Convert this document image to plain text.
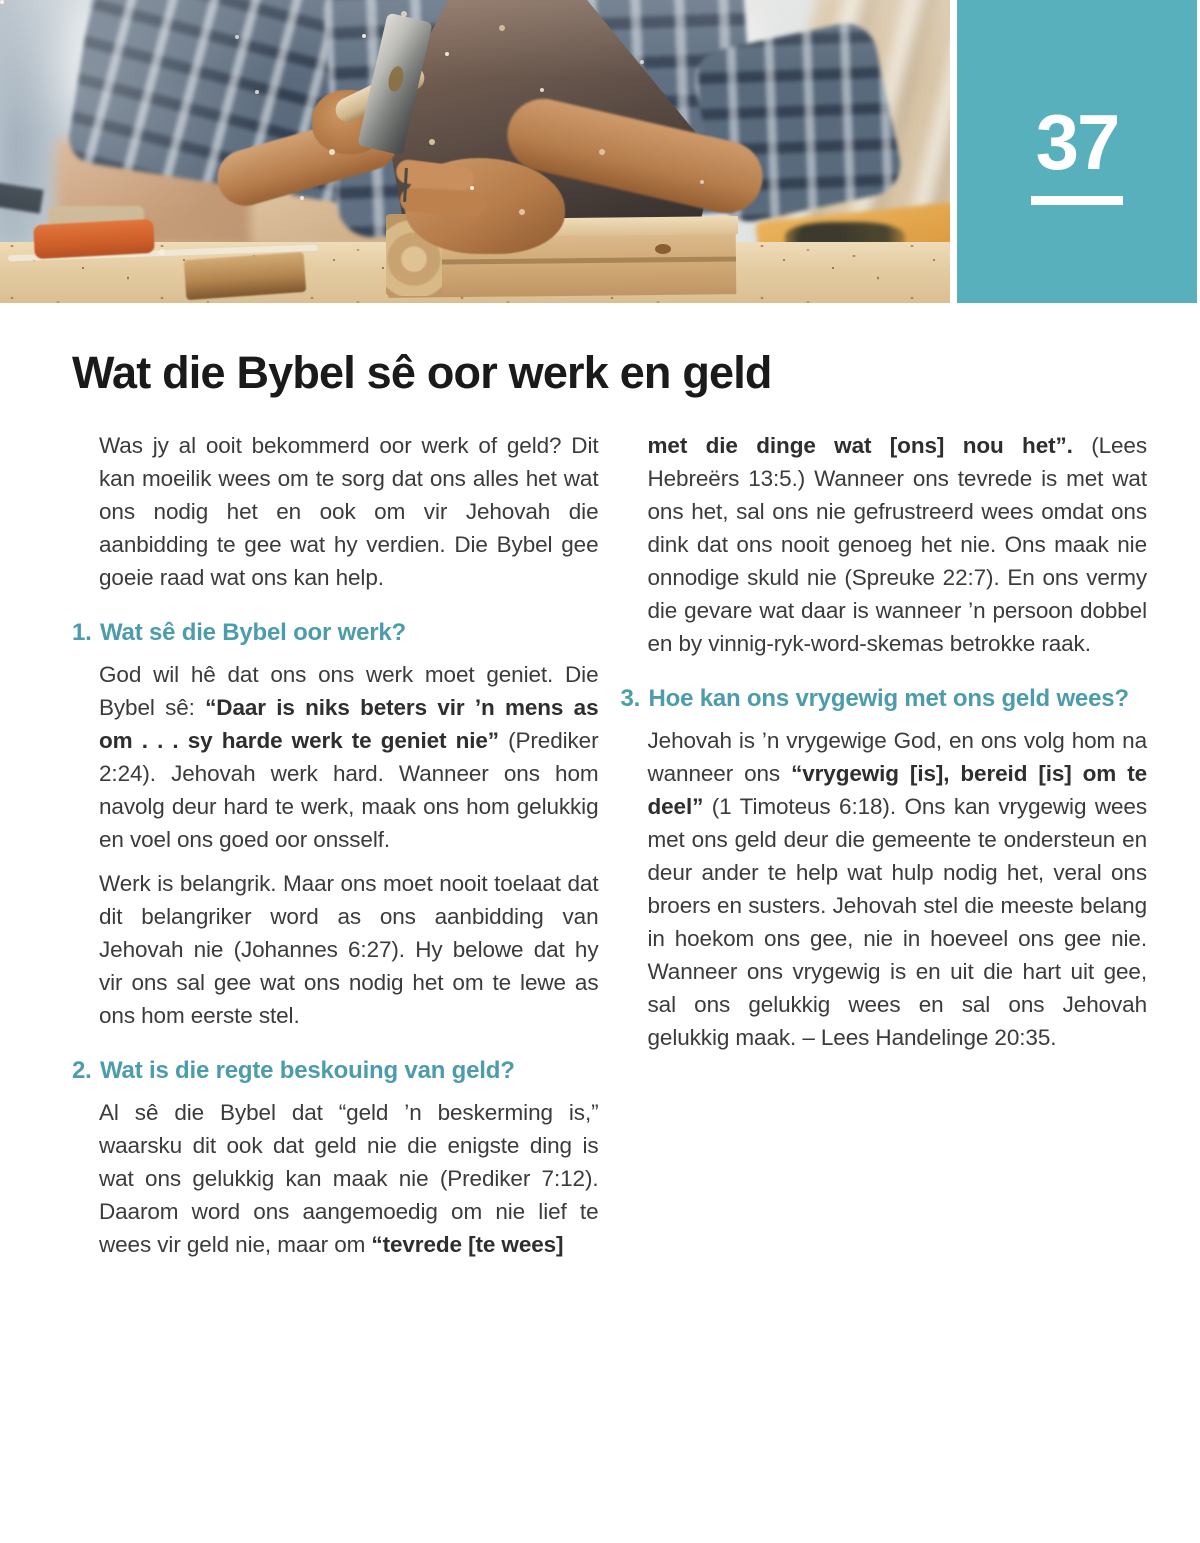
37
Wat die Bybel sê oor werk en geld

Was jy al ooit bekommerd oor werk of geld? Dit kan moeilik wees om te sorg dat ons alles het wat ons nodig het en ook om vir Jehovah die aanbidding te gee wat hy verdien. Die Bybel gee goeie raad wat ons kan help.

1. Wat sê die Bybel oor werk?

God wil hê dat ons ons werk moet geniet. Die Bybel sê: “Daar is niks beters vir ’n mens as om . . . sy harde werk te geniet nie” (Prediker 2:24). Jehovah werk hard. Wanneer ons hom navolg deur hard te werk, maak ons hom gelukkig en voel ons goed oor onsself.

Werk is belangrik. Maar ons moet nooit toelaat dat dit belangriker word as ons aanbidding van Jehovah nie (Johannes 6:27). Hy belowe dat hy vir ons sal gee wat ons nodig het om te lewe as ons hom eerste stel.

2. Wat is die regte beskouing van geld?

Al sê die Bybel dat “geld ’n beskerming is,” waarsku dit ook dat geld nie die enigste ding is wat ons gelukkig kan maak nie (Prediker 7:12). Daarom word ons aangemoedig om nie lief te wees vir geld nie, maar om “tevrede [te wees]

met die dinge wat [ons] nou het”. (Lees Hebreërs 13:5.) Wanneer ons tevrede is met wat ons het, sal ons nie gefrustreerd wees omdat ons dink dat ons nooit genoeg het nie. Ons maak nie onnodige skuld nie (Spreuke 22:7). En ons vermy die gevare wat daar is wanneer ’n persoon dobbel en by vinnig-ryk-word-skemas betrokke raak.

3. Hoe kan ons vrygewig met ons geld wees?

Jehovah is ’n vrygewige God, en ons volg hom na wanneer ons “vrygewig [is], bereid [is] om te deel” (1 Timoteus 6:18). Ons kan vrygewig wees met ons geld deur die gemeente te ondersteun en deur ander te help wat hulp nodig het, veral ons broers en susters. Jehovah stel die meeste belang in hoekom ons gee, nie in hoeveel ons gee nie. Wanneer ons vrygewig is en uit die hart uit gee, sal ons gelukkig wees en sal ons Jehovah gelukkig maak. – Lees Handelinge 20:35.
